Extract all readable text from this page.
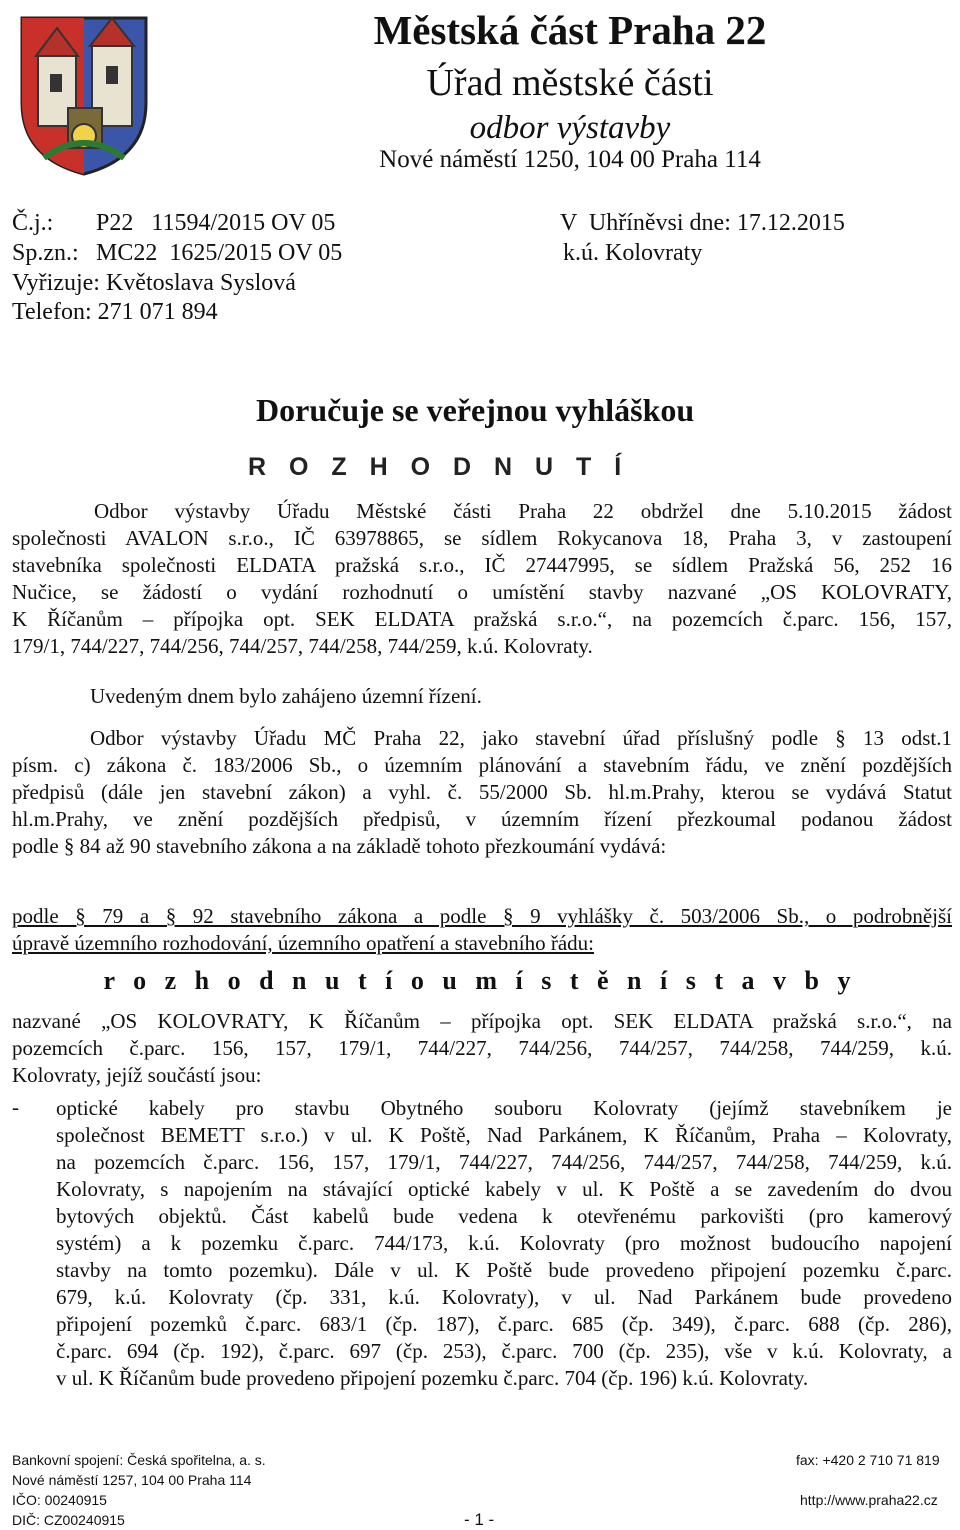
Městská část Praha 22
Úřad městské části
odbor výstavby
Nové náměstí 1250, 104 00 Praha 114
Č.j.: P22   11594/2015 OV 05
Sp.zn.: MC22  1625/2015 OV 05
Vyřizuje: Květoslava Syslová
Telefon: 271 071 894
V  Uhříněvsi dne: 17.12.2015
k.ú. Kolovraty
Doručuje se veřejnou vyhláškou
R O Z H O D N U T Í
Odbor výstavby Úřadu Městské části Praha 22 obdržel dne 5.10.2015 žádost
společnosti AVALON s.r.o., IČ 63978865, se sídlem Rokycanova 18, Praha 3, v zastoupení
stavebníka společnosti ELDATA pražská s.r.o., IČ 27447995, se sídlem Pražská 56, 252 16
Nučice, se žádostí o vydání rozhodnutí o umístění stavby nazvané „OS KOLOVRATY,
K Říčanům – přípojka opt. SEK ELDATA pražská s.r.o.“, na pozemcích č.parc. 156, 157,
179/1, 744/227, 744/256, 744/257, 744/258, 744/259, k.ú. Kolovraty.
Uvedeným dnem bylo zahájeno územní řízení.
Odbor výstavby Úřadu MČ Praha 22, jako stavební úřad příslušný podle § 13 odst.1
písm. c) zákona č. 183/2006 Sb., o územním plánování a stavebním řádu, ve znění pozdějších
předpisů (dále jen stavební zákon) a vyhl. č. 55/2000 Sb. hl.m.Prahy, kterou se vydává Statut
hl.m.Prahy, ve znění pozdějších předpisů, v územním řízení přezkoumal podanou žádost
podle § 84 až 90 stavebního zákona a na základě tohoto přezkoumání vydává:
podle § 79 a § 92 stavebního zákona a podle § 9 vyhlášky č. 503/2006 Sb., o podrobnější
úpravě územního rozhodování, územního opatření a stavebního řádu:
r o z h o d n u t í o u m í s t ě n í s t a v b y
nazvané „OS KOLOVRATY, K Říčanům – přípojka opt. SEK ELDATA pražská s.r.o.“, na
pozemcích č.parc. 156, 157, 179/1, 744/227, 744/256, 744/257, 744/258, 744/259, k.ú.
Kolovraty, jejíž součástí jsou:
- optické kabely pro stavbu Obytného souboru Kolovraty (jejímž stavebníkem je
společnost BEMETT s.r.o.) v ul. K Poště, Nad Parkánem, K Říčanům, Praha – Kolovraty,
na pozemcích č.parc. 156, 157, 179/1, 744/227, 744/256, 744/257, 744/258, 744/259, k.ú.
Kolovraty, s napojením na stávající optické kabely v ul. K Poště a se zavedením do dvou
bytových objektů. Část kabelů bude vedena k otevřenému parkovišti (pro kamerový
systém) a k pozemku č.parc. 744/173, k.ú. Kolovraty (pro možnost budoucího napojení
stavby na tomto pozemku). Dále v ul. K Poště bude provedeno připojení pozemku č.parc.
679, k.ú. Kolovraty (čp. 331, k.ú. Kolovraty), v ul. Nad Parkánem bude provedeno
připojení pozemků č.parc. 683/1 (čp. 187), č.parc. 685 (čp. 349), č.parc. 688 (čp. 286),
č.parc. 694 (čp. 192), č.parc. 697 (čp. 253), č.parc. 700 (čp. 235), vše v k.ú. Kolovraty, a
v ul. K Říčanům bude provedeno připojení pozemku č.parc. 704 (čp. 196) k.ú. Kolovraty.
Bankovní spojení: Česká spořitelna, a. s.
Nové náměstí 1257, 104 00 Praha 114
IČO: 00240915
DIČ: CZ00240915	- 1 -
fax: +420 2 710 71 819
http://www.praha22.cz
